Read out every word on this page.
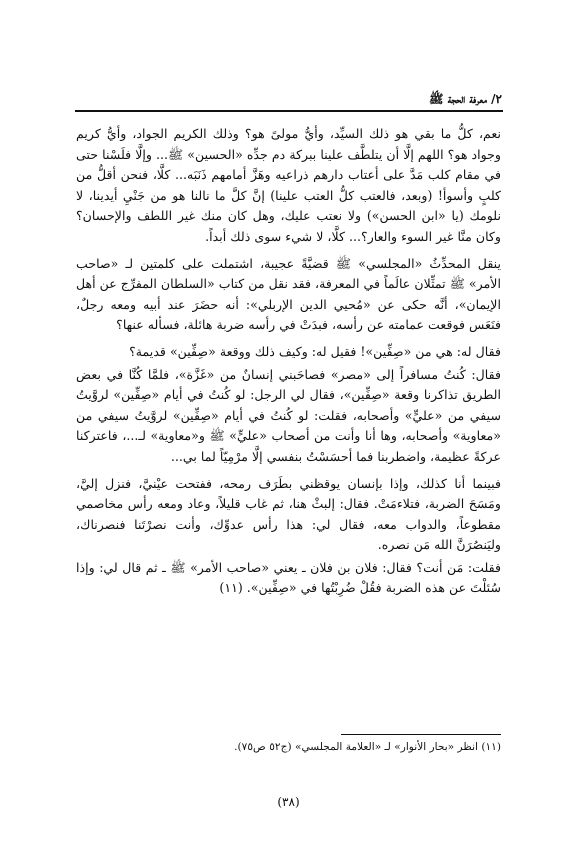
٢/ معرفة الحجة ﷺ

نعم، كلُّ ما بقي هو ذلك السيِّد، وأيُّ مولىً هو؟ وذلك الكريم الجواد، وأيُّ كريم وجواد هو؟ اللهم إلَّا أن يتلطَّف علينا ببركة دم جدِّه «الحسين» ﷺ... وإلَّا فلَسْنا حتى في مقام كلب مَدَّ على أعتاب دارهم ذراعيه وهَزَّ أمامهم ذَنَبَه... كلَّا، فنحن أقلُّ من كلبٍ وأسوأ! (وبعد، فالعتب كلُّ العتب علينا) إنَّ كلَّ ما نالنا هو من جَنْيِ أيدينا، لا نلومك (يا «ابن الحسن») ولا نعتب عليك، وهل كان منك غير اللطف والإحسان؟ وكان منَّا غير السوء والعار؟... كلَّا، لا شيء سوى ذلك أبداً.

ينقل المحدِّثُ «المجلسي» ﷺ قضيَّةً عجيبة، اشتملت على كلمتين لـ «صاحب الأمر» ﷺ تمثِّلان عالَماً في المعرفة، فقد نقل من كتاب «السلطان المفرِّج عن أهل الإيمان»، أنَّه حكى عن «مُحيي الدين الإربلي»: أنه حضَرَ عند أبيه ومعه رجلٌ، فنَعَس فوقعت عمامته عن رأسه، فبدَتْ في رأسه ضربة هائلة، فسأله عنها؟

فقال له: هي من «صِفِّين»! فقيل له: وكيف ذلك ووقعة «صِفِّين» قديمة؟

فقال: كُنتُ مسافراً إلى «مصر» فصاحَبني إنسانٌ من «غَزَّة»، فلمَّا كُنَّا في بعض الطريق تذاكرنا وقعة «صِفِّين»، فقال لي الرجل: لو كُنتُ في أيام «صِفِّين» لروَّيتُ سيفي من «عليٍّ» وأصحابه، فقلت: لو كُنتُ في أيام «صِفِّين» لروَّيتُ سيفي من «معاوية» وأصحابه، وها أنا وأنت من أصحاب «عليٍّ» ﷺ و«معاوية» لـ...، فاعتركنا عركةً عظيمة، واضطربنا فما أحسَسْتُ بنفسي إلَّا مرْمِيّاً لما بي...

فبينما أنا كذلك، وإذا بإنسان يوقظني بطَرَف رمحه، ففتحت عيْنيَّ، فنزل إليَّ، ومَسَحَ الضربة، فتلاءمَتْ. فقال: إلبثْ هنا، ثم غاب قليلاً، وعاد ومعه رأس مخاصمي مقطوعاً، والدواب معه، فقال لي: هذا رأس عدوِّك، وأنت نصرْتَنا فنصرناك، وليَنصُرَنَّ الله مَن نصره.

فقلت: مَن أنت؟ فقال: فلان بن فلان ـ يعني «صاحب الأمر» ﷺ ـ ثم قال لي: وإذا سُئلْتَ عن هذه الضربة فقُلْ ضُرِبْتُها في «صِفِّين». (١١)

(١١) انظر «بحار الأنوار» لـ «العلامة المجلسي» (ج٥٢ ص٧٥).
(٣٨)
